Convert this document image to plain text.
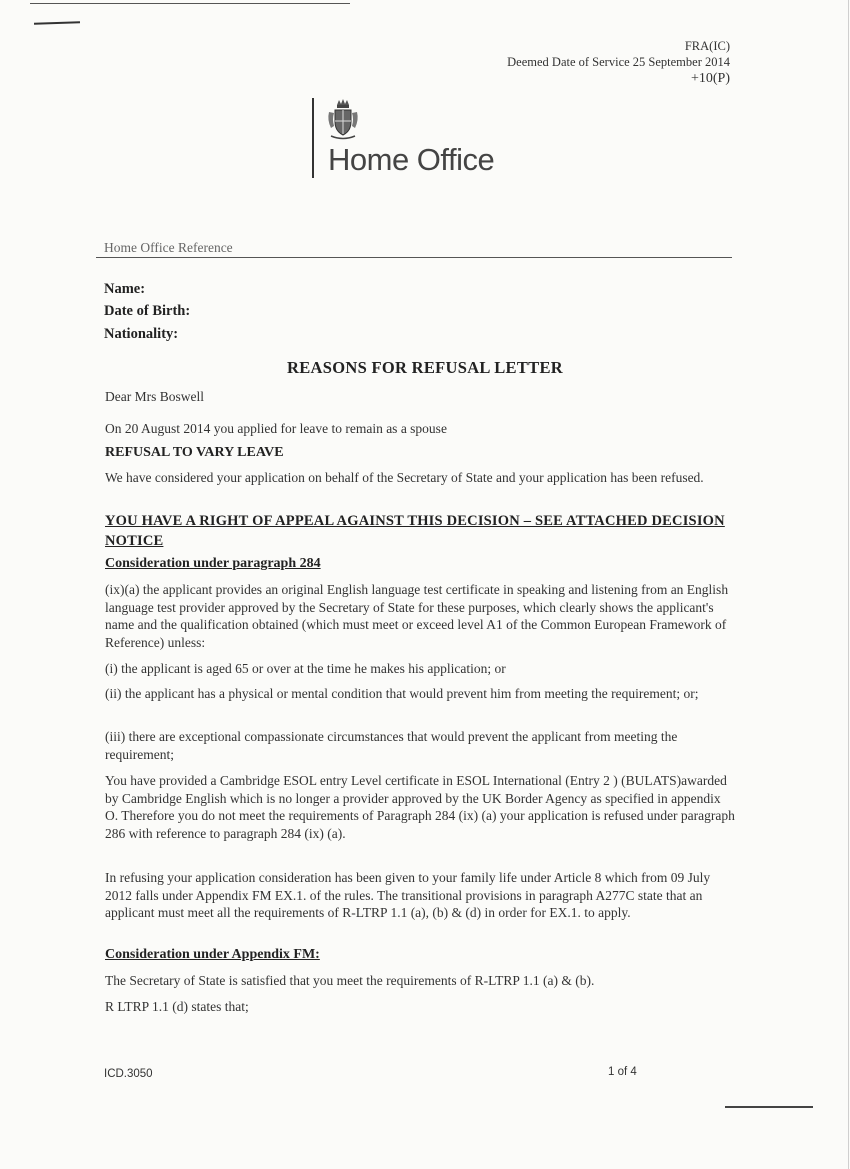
FRA(IC)
Deemed Date of Service 25 September 2014
+10(P)
Home Office
Home Office Reference
Name:
Date of Birth:
Nationality:
REASONS FOR REFUSAL LETTER
Dear Mrs Boswell
On 20 August 2014 you applied for leave to remain as a spouse
REFUSAL TO VARY LEAVE
We have considered your application on behalf of the Secretary of State and your application has been refused.
YOU HAVE A RIGHT OF APPEAL AGAINST THIS DECISION – SEE ATTACHED DECISION NOTICE
Consideration under paragraph 284
(ix)(a) the applicant provides an original English language test certificate in speaking and listening from an English language test provider approved by the Secretary of State for these purposes, which clearly shows the applicant's name and the qualification obtained (which must meet or exceed level A1 of the Common European Framework of Reference) unless:
(i) the applicant is aged 65 or over at the time he makes his application; or
(ii) the applicant has a physical or mental condition that would prevent him from meeting the requirement; or;
(iii) there are exceptional compassionate circumstances that would prevent the applicant from meeting the requirement;
You have provided a Cambridge ESOL entry Level certificate in ESOL International (Entry 2 ) (BULATS)awarded by Cambridge English which is no longer a provider approved by the UK Border Agency as specified in appendix O. Therefore you do not meet the requirements of Paragraph 284 (ix) (a) your application is refused under paragraph 286 with reference to paragraph 284 (ix) (a).
In refusing your application consideration has been given to your family life under Article 8 which from 09 July 2012 falls under Appendix FM EX.1. of the rules. The transitional provisions in paragraph A277C state that an applicant must meet all the requirements of R-LTRP 1.1 (a), (b) & (d) in order for EX.1. to apply.
Consideration under Appendix FM:
The Secretary of State is satisfied that you meet the requirements of R-LTRP 1.1 (a) & (b).
R LTRP 1.1 (d) states that;
ICD.3050	1 of 4
